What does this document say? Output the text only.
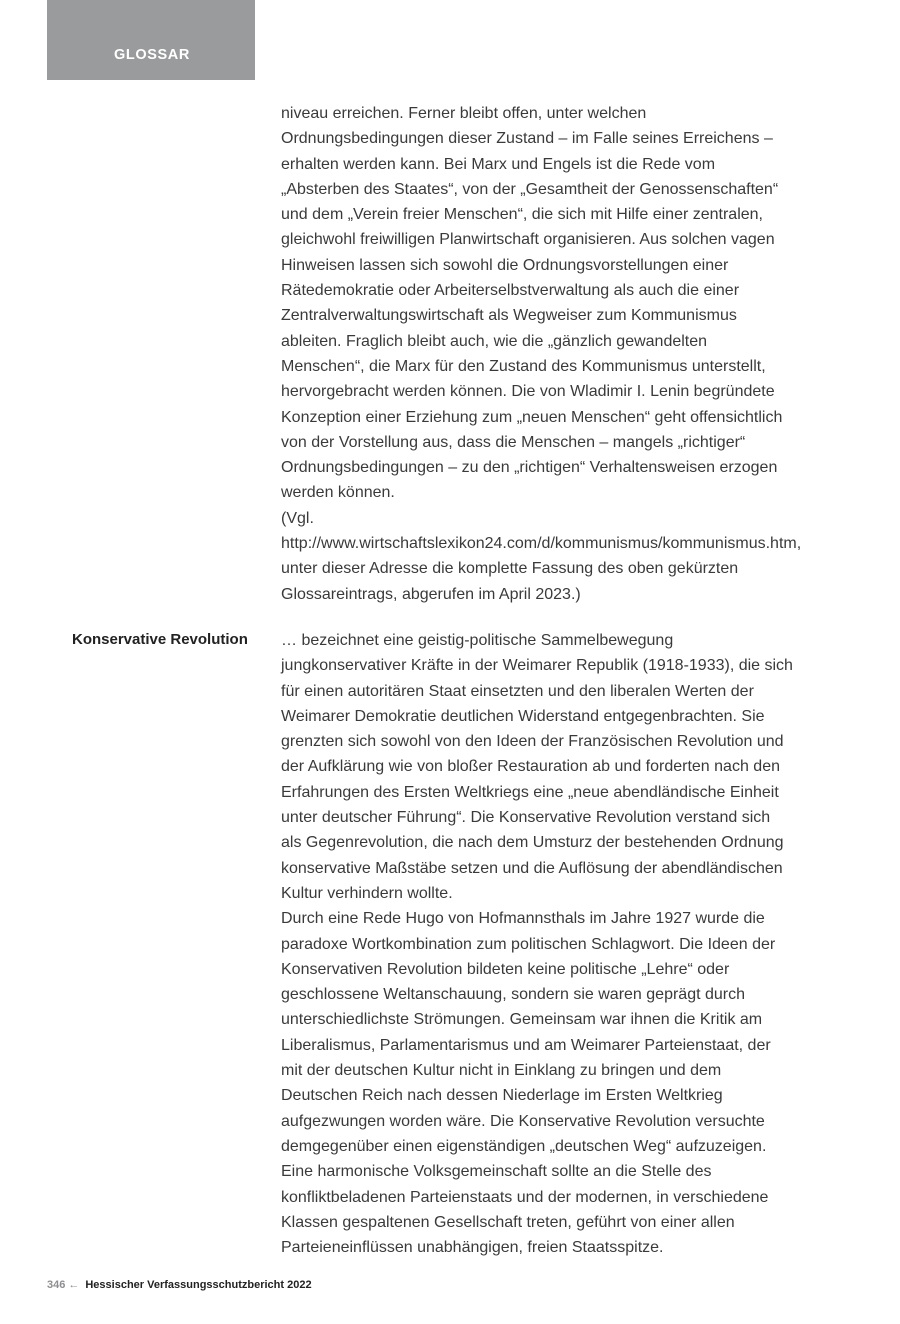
GLOSSAR

niveau erreichen. Ferner bleibt offen, unter welchen Ordnungsbedingungen dieser Zustand – im Falle seines Erreichens – erhalten werden kann. Bei Marx und Engels ist die Rede vom „Absterben des Staates“, von der „Gesamtheit der Genossenschaften“ und dem „Verein freier Menschen“, die sich mit Hilfe einer zentralen, gleichwohl freiwilligen Planwirtschaft organisieren. Aus solchen vagen Hinweisen lassen sich sowohl die Ordnungsvorstellungen einer Rätedemokratie oder Arbeiterselbstverwaltung als auch die einer Zentralverwaltungswirtschaft als Wegweiser zum Kommunismus ableiten. Fraglich bleibt auch, wie die „gänzlich gewandelten Menschen“, die Marx für den Zustand des Kommunismus unterstellt, hervorgebracht werden können. Die von Wladimir I. Lenin begründete Konzeption einer Erziehung zum „neuen Menschen“ geht offensichtlich von der Vorstellung aus, dass die Menschen – mangels „richtiger“ Ordnungsbedingungen – zu den „richtigen“ Verhaltensweisen erzogen werden können.

(Vgl. http://www.wirtschaftslexikon24.com/d/kommunismus/kommunismus.htm, unter dieser Adresse die komplette Fassung des oben gekürzten Glossareintrags, abgerufen im April 2023.)

Konservative Revolution … bezeichnet eine geistig-politische Sammelbewegung jungkonservativer Kräfte in der Weimarer Republik (1918-1933), die sich für einen autoritären Staat einsetzten und den liberalen Werten der Weimarer Demokratie deutlichen Widerstand entgegenbrachten. Sie grenzten sich sowohl von den Ideen der Französischen Revolution und der Aufklärung wie von bloßer Restauration ab und forderten nach den Erfahrungen des Ersten Weltkriegs eine „neue abendländische Einheit unter deutscher Führung“. Die Konservative Revolution verstand sich als Gegenrevolution, die nach dem Umsturz der bestehenden Ordnung konservative Maßstäbe setzen und die Auflösung der abendländischen Kultur verhindern wollte.

Durch eine Rede Hugo von Hofmannsthals im Jahre 1927 wurde die paradoxe Wortkombination zum politischen Schlagwort. Die Ideen der Konservativen Revolution bildeten keine politische „Lehre“ oder geschlossene Weltanschauung, sondern sie waren geprägt durch unterschiedlichste Strömungen. Gemeinsam war ihnen die Kritik am Liberalismus, Parlamentarismus und am Weimarer Parteienstaat, der mit der deutschen Kultur nicht in Einklang zu bringen und dem Deutschen Reich nach dessen Niederlage im Ersten Weltkrieg aufgezwungen worden wäre. Die Konservative Revolution versuchte demgegenüber einen eigenständigen „deutschen Weg“ aufzuzeigen. Eine harmonische Volksgemeinschaft sollte an die Stelle des konfliktbeladenen Parteienstaats und der modernen, in verschiedene Klassen gespaltenen Gesellschaft treten, geführt von einer allen Parteieneinflüssen unabhängigen, freien Staatsspitze.

346 ← Hessischer Verfassungsschutzbericht 2022
